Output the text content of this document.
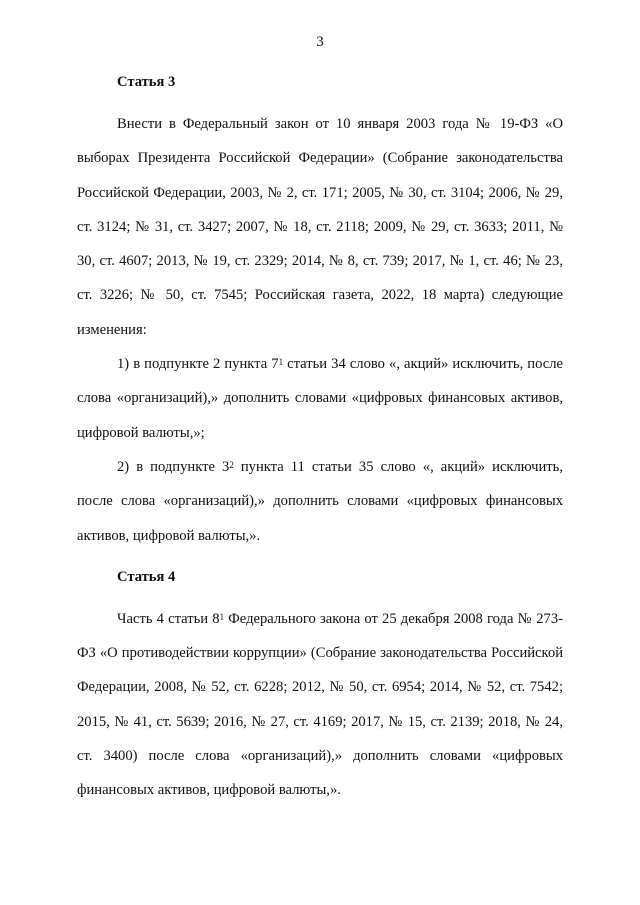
3

Статья 3

Внести в Федеральный закон от 10 января 2003 года № 19-ФЗ «О выборах Президента Российской Федерации» (Собрание законодательства Российской Федерации, 2003, № 2, ст. 171; 2005, № 30, ст. 3104; 2006, № 29, ст. 3124; № 31, ст. 3427; 2007, № 18, ст. 2118; 2009, № 29, ст. 3633; 2011, № 30, ст. 4607; 2013, № 19, ст. 2329; 2014, № 8, ст. 739; 2017, № 1, ст. 46; № 23, ст. 3226; № 50, ст. 7545; Российская газета, 2022, 18 марта) следующие изменения:

1) в подпункте 2 пункта $7^1$ статьи 34 слово «, акций» исключить, после слова «организаций),» дополнить словами «цифровых финансовых активов, цифровой валюты,»;

2) в подпункте $3^2$ пункта 11 статьи 35 слово «, акций» исключить, после слова «организаций),» дополнить словами «цифровых финансовых активов, цифровой валюты,».

Статья 4

Часть 4 статьи $8^1$ Федерального закона от 25 декабря 2008 года № 273-ФЗ «О противодействии коррупции» (Собрание законодательства Российской Федерации, 2008, № 52, ст. 6228; 2012, № 50, ст. 6954; 2014, № 52, ст. 7542; 2015, № 41, ст. 5639; 2016, № 27, ст. 4169; 2017, № 15, ст. 2139; 2018, № 24, ст. 3400) после слова «организаций),» дополнить словами «цифровых финансовых активов, цифровой валюты,».
